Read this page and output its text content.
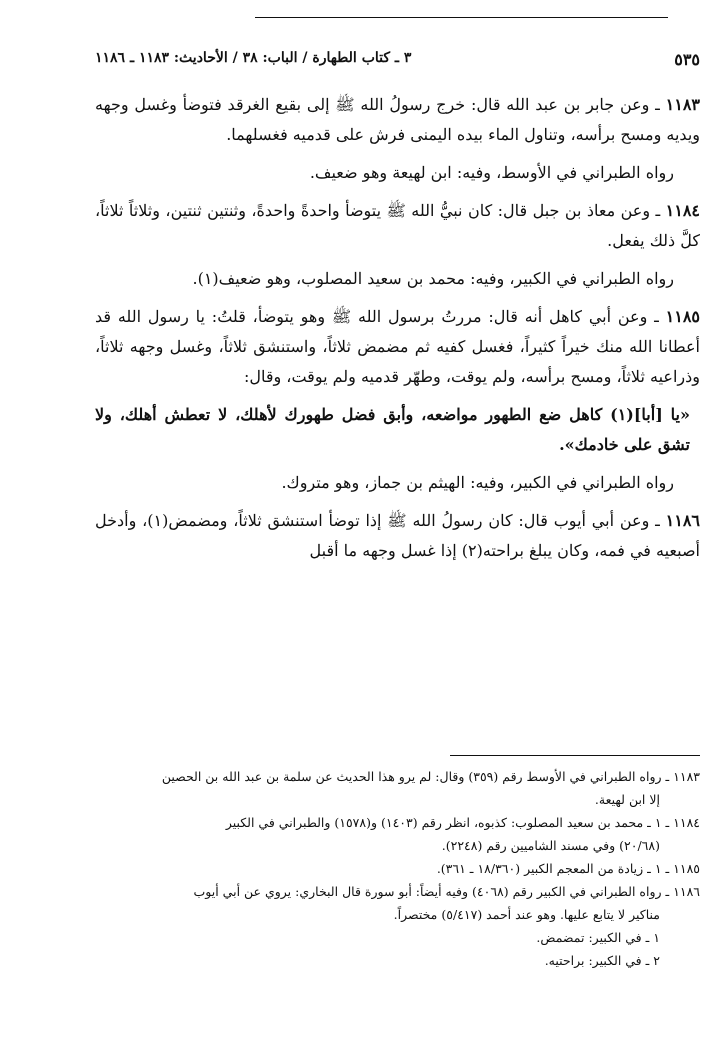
٥٣٥
٣ ـ كتاب الطهارة / الباب: ٣٨ / الأحاديث: ١١٨٣ ـ ١١٨٦

١١٨٣ ـ وعن جابر بن عبد الله قال: خرج رسولُ الله ﷺ إلى بقيع الغرقد فتوضأ وغسل وجهه ويديه ومسح برأسه، وتناول الماء بيده اليمنى فرش على قدميه فغسلهما.

رواه الطبراني في الأوسط، وفيه: ابن لهيعة وهو ضعيف.

١١٨٤ ـ وعن معاذ بن جبل قال: كان نبيُّ الله ﷺ يتوضأ واحدةً واحدةً، وثنتين ثنتين، وثلاثاً ثلاثاً، كلَّ ذلك يفعل.

رواه الطبراني في الكبير، وفيه: محمد بن سعيد المصلوب، وهو ضعيف(١).

١١٨٥ ـ وعن أبي كاهل أنه قال: مررتُ برسول الله ﷺ وهو يتوضأ، قلتُ: يا رسول الله قد أعطانا الله منك خيراً كثيراً، فغسل كفيه ثم مضمض ثلاثاً، واستنشق ثلاثاً، وغسل وجهه ثلاثاً، وذراعيه ثلاثاً، ومسح برأسه، ولم يوقت، وطهّر قدميه ولم يوقت، وقال:

«يا [أبا](١) كاهل ضع الطهور مواضعه، وأبق فضل طهورك لأهلك، لا تعطش أهلك، ولا تشق على خادمك».

رواه الطبراني في الكبير، وفيه: الهيثم بن جماز، وهو متروك.

١١٨٦ ـ وعن أبي أيوب قال: كان رسولُ الله ﷺ إذا توضأ استنشق ثلاثاً، ومضمض(١)، وأدخل أصبعيه في فمه، وكان يبلغ براحته(٢) إذا غسل وجهه ما أقبل

١١٨٣ ـ رواه الطبراني في الأوسط رقم (٣٥٩) وقال: لم يرو هذا الحديث عن سلمة بن عبد الله بن الحصين

إلا ابن لهيعة.

١١٨٤ ـ ١ ـ محمد بن سعيد المصلوب: كذبوه، انظر رقم (١٤٠٣) و(١٥٧٨) والطبراني في الكبير

(٢٠/٦٨) وفي مسند الشاميين رقم (٢٢٤٨).

١١٨٥ ـ ١ ـ زيادة من المعجم الكبير (١٨/٣٦٠ ـ ٣٦١).

١١٨٦ ـ رواه الطبراني في الكبير رقم (٤٠٦٨) وفيه أيضاً: أبو سورة قال البخاري: يروي عن أبي أيوب

مناكير لا يتابع عليها. وهو عند أحمد (٥/٤١٧) مختصراً.

١ ـ في الكبير: تمضمض.

٢ ـ في الكبير: براحتيه.
